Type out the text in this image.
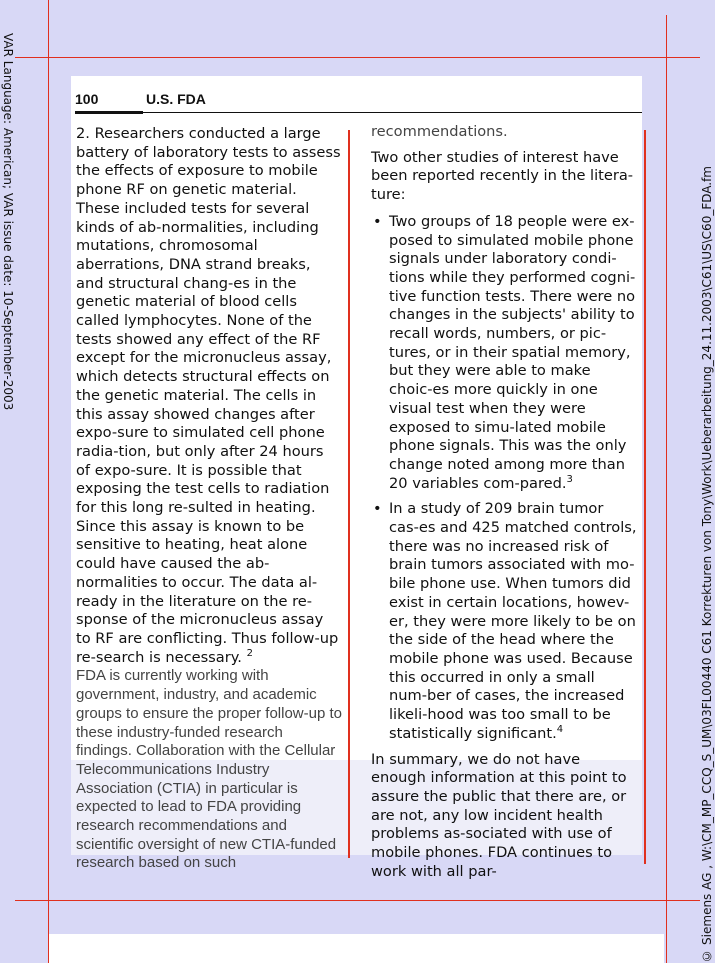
VAR Language: American; VAR issue date: 10-September-2003	© Siemens AG , W:\CM_MP_CCQ_S_UM\03FL00440 C61 Korrekturen von Tony\Work\Ueberarbeitung_24.11.2003\C61\US\C60_FDA.fm
100	U.S. FDA

2. Researchers conducted a large battery of laboratory tests to assess the effects of exposure to mobile phone RF on genetic material. These included tests for several kinds of ab-normalities, including mutations, chromosomal aberrations, DNA strand breaks, and structural chang-es in the genetic material of blood cells called lymphocytes. None of the tests showed any effect of the RF except for the micronucleus assay, which detects structural effects on the genetic material. The cells in this assay showed changes after expo-sure to simulated cell phone radia-tion, but only after 24 hours of expo-sure. It is possible that exposing the test cells to radiation for this long re-sulted in heating. Since this assay is known to be sensitive to heating, heat alone could have caused the ab-normalities to occur. The data al-ready in the literature on the re-sponse of the micronucleus assay to RF are conflicting. Thus follow-up re-search is necessary. $^2$

FDA is currently working with government, industry, and academic groups to ensure the proper follow-up to these industry-funded research findings. Collaboration with the Cellular Telecommunications Industry Association (CTIA) in particular is expected to lead to FDA providing research recommendations and scientific oversight of new CTIA-funded research based on such

recommendations.

Two other studies of interest have been reported recently in the litera-ture:

• Two groups of 18 people were ex-posed to simulated mobile phone signals under laboratory condi-tions while they performed cogni-tive function tests. There were no changes in the subjects' ability to recall words, numbers, or pic-tures, or in their spatial memory, but they were able to make choic-es more quickly in one visual test when they were exposed to simu-lated mobile phone signals. This was the only change noted among more than 20 variables com-pared.$^3$
• In a study of 209 brain tumor cas-es and 425 matched controls, there was no increased risk of brain tumors associated with mo-bile phone use. When tumors did exist in certain locations, howev-er, they were more likely to be on the side of the head where the mobile phone was used. Because this occurred in only a small num-ber of cases, the increased likeli-hood was too small to be statistically significant.$^4$

In summary, we do not have enough information at this point to assure the public that there are, or are not, any low incident health problems as-sociated with use of mobile phones. FDA continues to work with all par-
